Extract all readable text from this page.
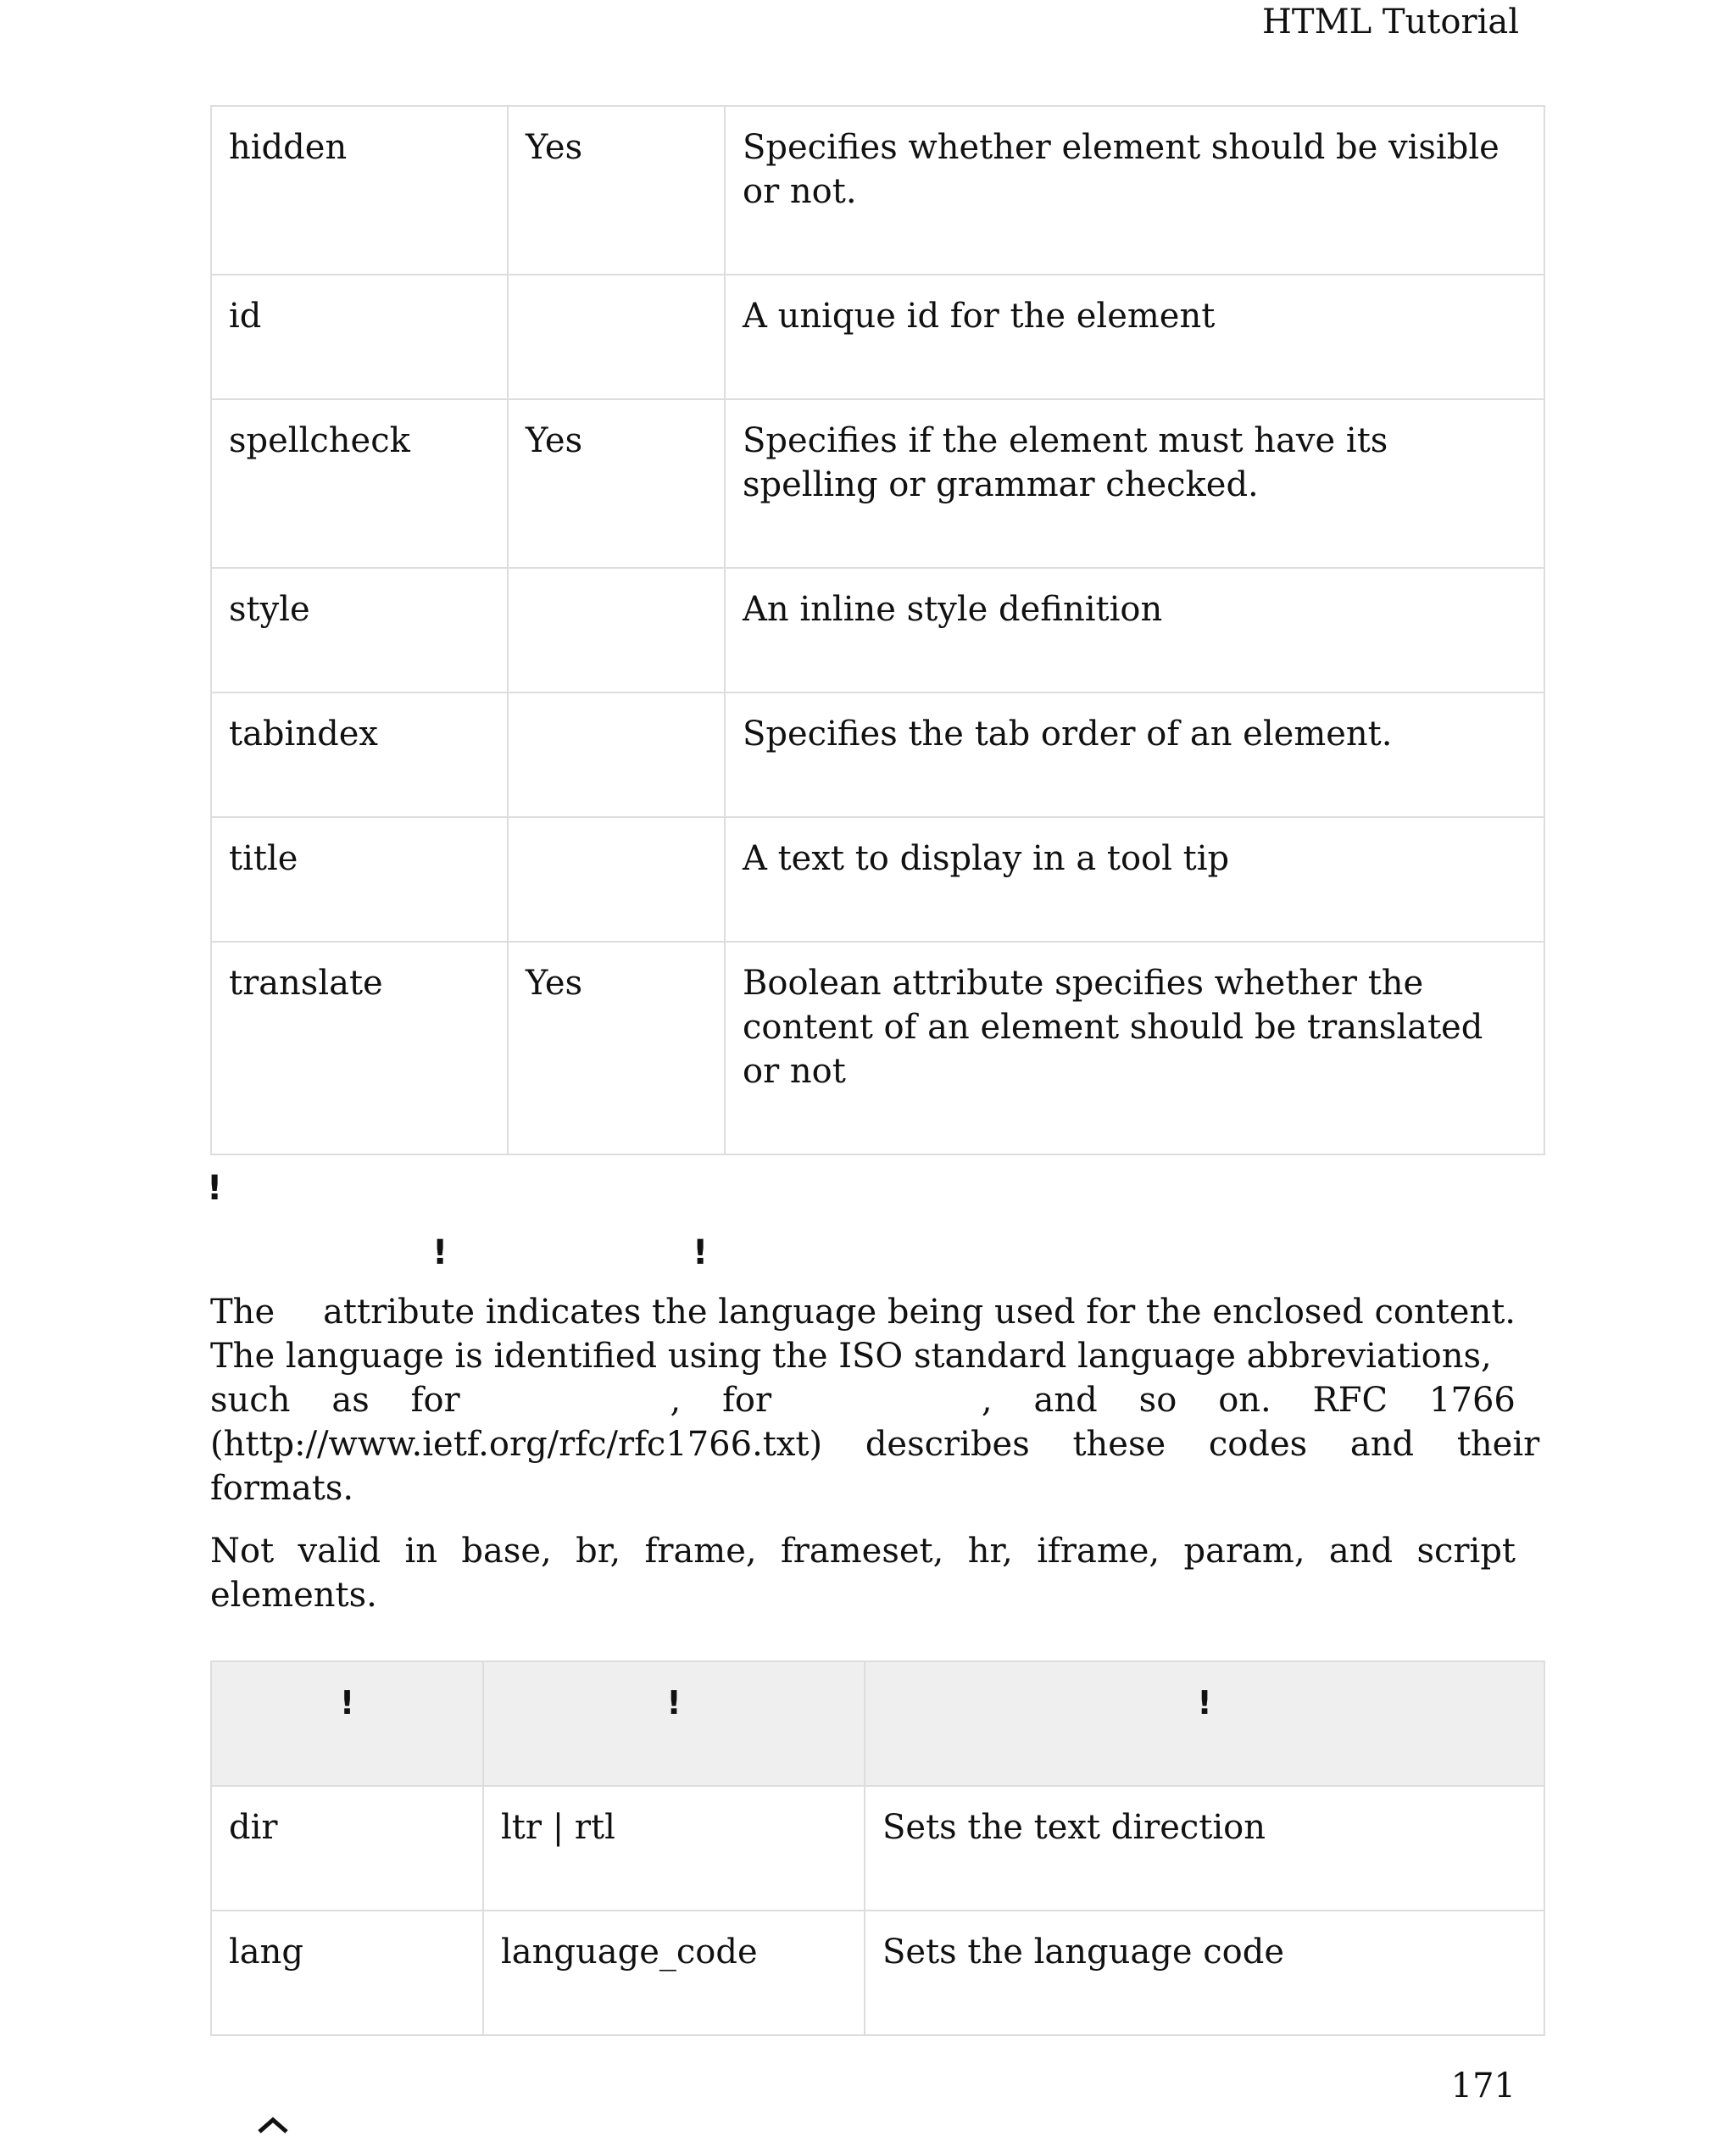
HTML Tutorial
hidden	Yes	Specifies whether element should be visible or not.
id		A unique id for the element
spellcheck	Yes	Specifies if the element must have its spelling or grammar checked.
style		An inline style definition
tabindex		Specifies the tab order of an element.
title		A text to display in a tool tip
translate	Yes	Boolean attribute specifies whether the content of an element should be translated or not
!
!	!
The attribute indicates the language being used for the enclosed content.
The language is identified using the ISO standard language abbreviations,
such as for	, for	, and so on. RFC 1766
(http://www.ietf.org/rfc/rfc1766.txt) describes these codes and their
formats.
Not valid in base, br, frame, frameset, hr, iframe, param, and script elements.
!	!	!
dir	ltr | rtl	Sets the text direction
lang	language_code	Sets the language code
171
